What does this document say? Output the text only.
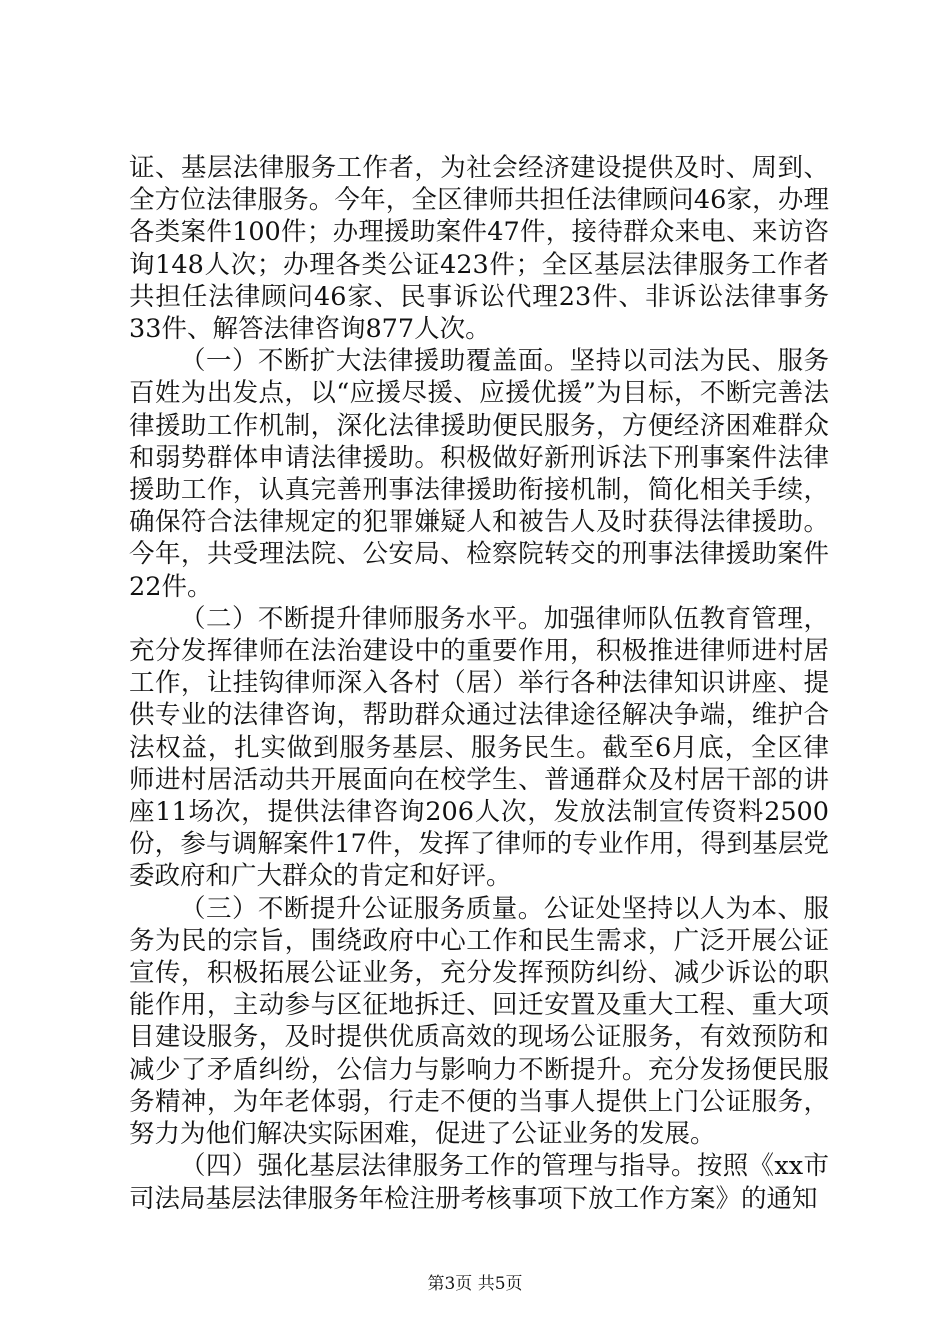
证、基层法律服务工作者，为社会经济建设提供及时、周到、全方位法律服务。今年，全区律师共担任法律顾问46家，办理各类案件100件；办理援助案件47件，接待群众来电、来访咨询148人次；办理各类公证423件；全区基层法律服务工作者共担任法律顾问46家、民事诉讼代理23件、非诉讼法律事务33件、解答法律咨询877人次。

（一）不断扩大法律援助覆盖面。坚持以司法为民、服务百姓为出发点，以“应援尽援、应援优援”为目标，不断完善法律援助工作机制，深化法律援助便民服务，方便经济困难群众和弱势群体申请法律援助。积极做好新刑诉法下刑事案件法律援助工作，认真完善刑事法律援助衔接机制，简化相关手续，确保符合法律规定的犯罪嫌疑人和被告人及时获得法律援助。今年，共受理法院、公安局、检察院转交的刑事法律援助案件22件。

（二）不断提升律师服务水平。加强律师队伍教育管理，充分发挥律师在法治建设中的重要作用，积极推进律师进村居工作，让挂钩律师深入各村（居）举行各种法律知识讲座、提供专业的法律咨询，帮助群众通过法律途径解决争端，维护合法权益，扎实做到服务基层、服务民生。截至6月底，全区律师进村居活动共开展面向在校学生、普通群众及村居干部的讲座11场次，提供法律咨询206人次，发放法制宣传资料2500份，参与调解案件17件，发挥了律师的专业作用，得到基层党委政府和广大群众的肯定和好评。

（三）不断提升公证服务质量。公证处坚持以人为本、服务为民的宗旨，围绕政府中心工作和民生需求，广泛开展公证宣传，积极拓展公证业务，充分发挥预防纠纷、减少诉讼的职能作用，主动参与区征地拆迁、回迁安置及重大工程、重大项目建设服务，及时提供优质高效的现场公证服务，有效预防和减少了矛盾纠纷，公信力与影响力不断提升。充分发扬便民服务精神，为年老体弱，行走不便的当事人提供上门公证服务，努力为他们解决实际困难，促进了公证业务的发展。

（四）强化基层法律服务工作的管理与指导。按照《xx市司法局基层法律服务年检注册考核事项下放工作方案》的通知

第3页 共5页
